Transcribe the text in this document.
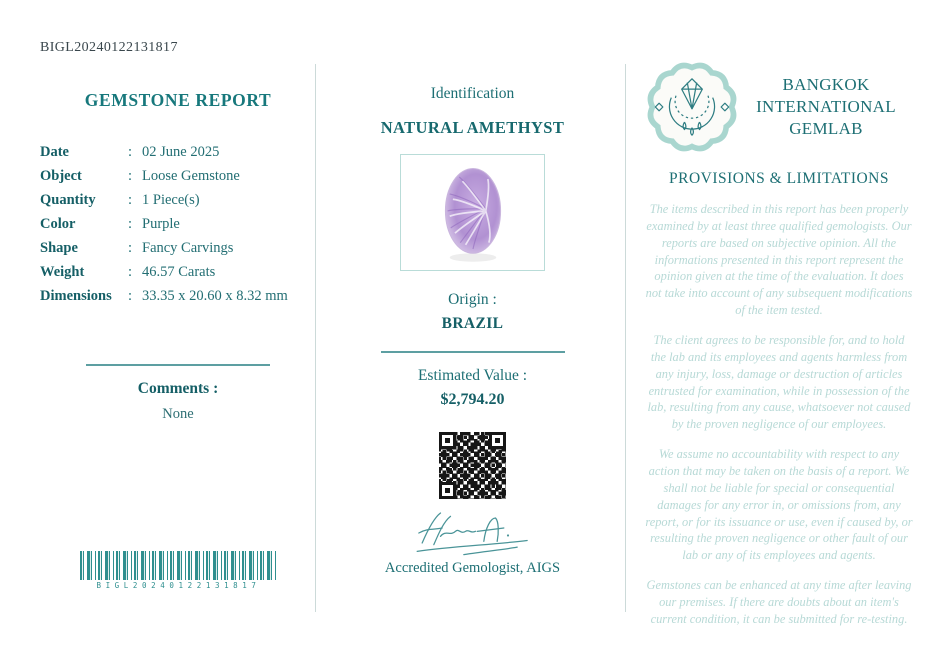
BIGL20240122131817
GEMSTONE REPORT
Date	: 02 June 2025
Object	: Loose Gemstone
Quantity	: 1 Piece(s)
Color	: Purple
Shape	: Fancy Carvings
Weight	: 46.57 Carats
Dimensions	: 33.35 x 20.60 x 8.32 mm
Comments :
None
BIGL20240122131817
Identification
NATURAL AMETHYST
Origin :
BRAZIL
Estimated Value :
$2,794.20
Accredited Gemologist, AIGS
BANGKOK
INTERNATIONAL
GEMLAB
PROVISIONS & LIMITATIONS

The items described in this report has been properly examined by at least three qualified gemologists. Our reports are based on subjective opinion. All the informations presented in this report represent the opinion given at the time of the evaluation. It does not take into account of any subsequent modifications of the item tested.

The client agrees to be responsible for, and to hold the lab and its employees and agents harmless from any injury, loss, damage or destruction of articles entrusted for examination, while in possession of the lab, resulting from any cause, whatsoever not caused by the proven negligence of our employees.

We assume no accountability with respect to any action that may be taken on the basis of a report. We shall not be liable for special or consequential damages for any error in, or omissions from, any report, or for its issuance or use, even if caused by, or resulting the proven negligence or other fault of our lab or any of its employees and agents.

Gemstones can be enhanced at any time after leaving our premises. If there are doubts about an item's current condition, it can be submitted for re-testing.
